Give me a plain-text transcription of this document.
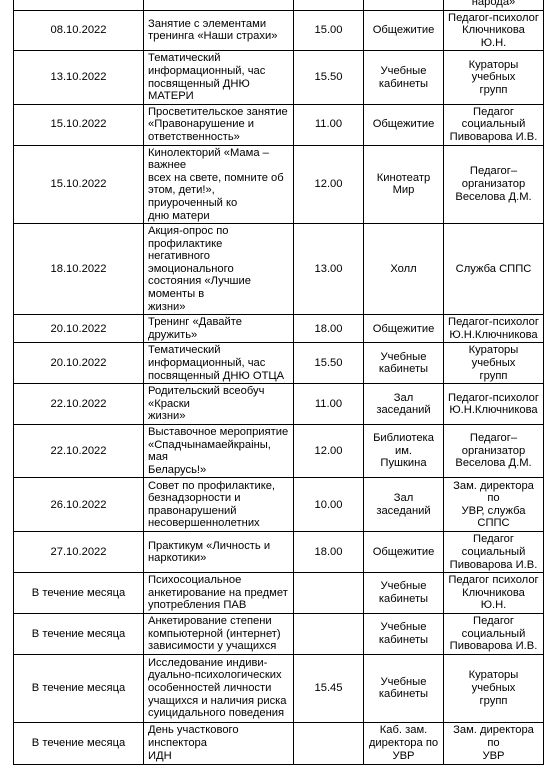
				народа»

08.10.2022	Занятие с элементами
тренинга «Наши страхи»	15.00	Общежитие	Педагог-психолог
Ключникова Ю.Н.

13.10.2022	Тематический
информационный, час
посвященный ДНЮ МАТЕРИ	15.50	Учебные
кабинеты	Кураторы учебных
групп

15.10.2022	Просветительское занятие
«Правонарушение и
ответственность»	11.00	Общежитие	Педагог
социальный
Пивоварова И.В.

15.10.2022	Кинолекторий «Мама – важнее
всех на свете, помните об
этом, дети!», приуроченный ко
дню матери	12.00	Кинотеатр Мир	Педагог–
организатор
Веселова Д.М.

18.10.2022	Акция-опрос по профилактике
негативного эмоционального
состояния «Лучшие моменты в
жизни»	13.00	Холл	Служба СППС

20.10.2022	Тренинг «Давайте дружить»	18.00	Общежитие	Педагог-психолог
Ю.Н.Ключникова

20.10.2022	Тематический
информационный, час
посвященный ДНЮ ОТЦА	15.50	Учебные
кабинеты	Кураторы учебных
групп

22.10.2022	Родительский всеобуч «Краски
жизни»	11.00	Зал заседаний	Педагог-психолог
Ю.Н.Ключникова

22.10.2022	Выставочное мероприятие
«Спадчынамаейкраіны, мая
Беларусь!»	12.00	Библиотека им.
Пушкина	Педагог–
организатор
Веселова Д.М.

26.10.2022	Совет по профилактике,
безнадзорности и
правонарушений
несовершеннолетних	10.00	Зал заседаний	Зам. директора по
УВР, служба СППС

27.10.2022	Практикум «Личность и
наркотики»	18.00	Общежитие	Педагог
социальный
Пивоварова И.В.

В течение месяца	Психосоциальное
анкетирование на предмет
употребления ПАВ		Учебные
кабинеты	Педагог психолог
Ключникова Ю.Н.

В течение месяца	Анкетирование степени
компьютерной (интернет)
зависимости у учащихся		Учебные
кабинеты	Педагог
социальный
Пивоварова И.В.

В течение месяца	Исследование индиви-
дуально-психологических
особенностей личности
учащихся и наличия риска
суицидального поведения	15.45	Учебные
кабинеты	Кураторы учебных
групп

В течение месяца	День участкового инспектора
ИДН		Каб. зам.
директора по
УВР	Зам. директора по
УВР
